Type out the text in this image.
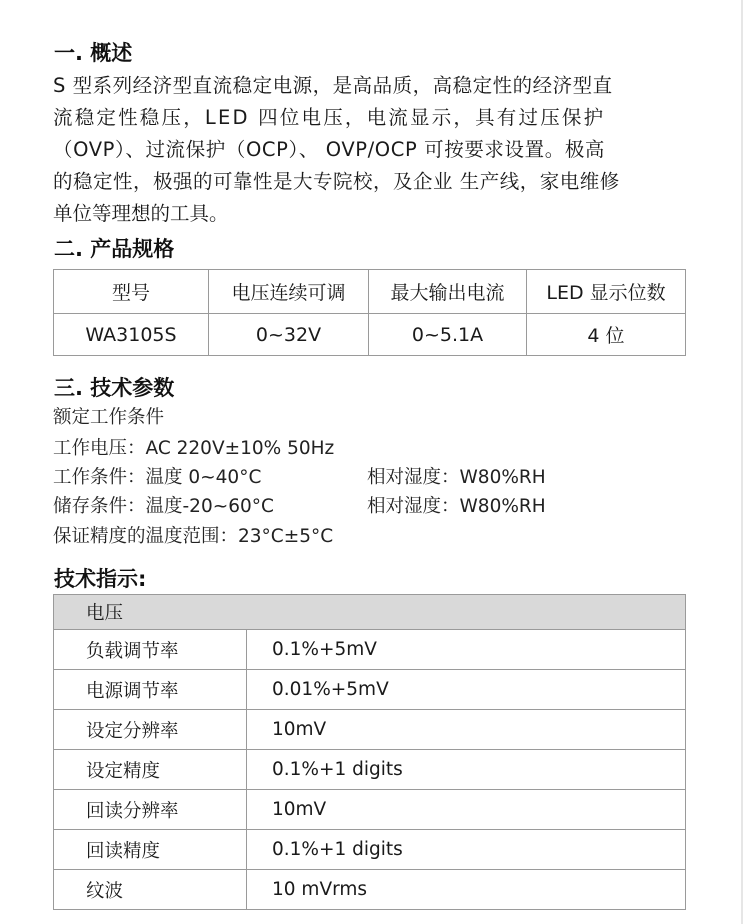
一. 概述
S 型系列经济型直流稳定电源，是高品质，高稳定性的经济型直
流稳定性稳压，LED 四位电压，电流显示，具有过压保护
（OVP）、过流保护（OCP）、 OVP/OCP 可按要求设置。极高
的稳定性，极强的可靠性是大专院校，及企业 生产线，家电维修
单位等理想的工具。
二. 产品规格
型号	电压连续可调	最大输出电流	LED 显示位数
WA3105S	0~32V	0~5.1A	4 位
三. 技术参数
额定工作条件
工作电压：AC 220V±10% 50Hz
工作条件：温度 0~40°C	相对湿度：W80%RH
储存条件：温度-20~60°C	相对湿度：W80%RH
保证精度的温度范围：23°C±5°C
技术指示:
电压	
负载调节率	0.1%+5mV
电源调节率	0.01%+5mV
设定分辨率	10mV
设定精度	0.1%+1 digits
回读分辨率	10mV
回读精度	0.1%+1 digits
纹波	10 mVrms
